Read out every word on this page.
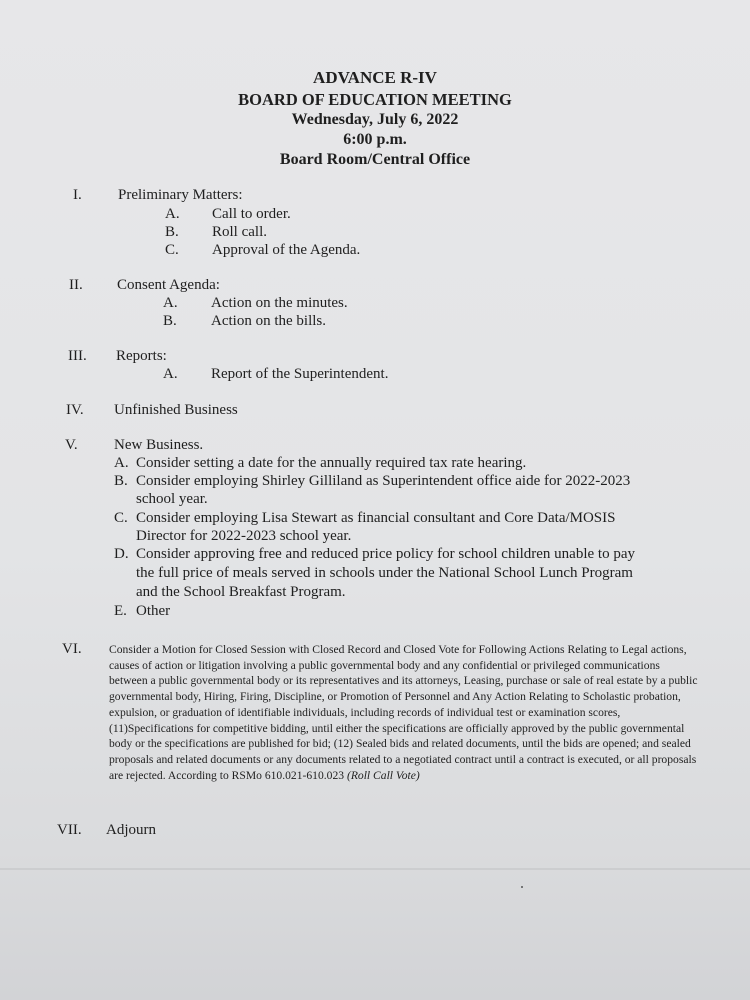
ADVANCE R-IV
BOARD OF EDUCATION MEETING
Wednesday, July 6, 2022
6:00 p.m.
Board Room/Central Office
I. Preliminary Matters:
A. Call to order.
B. Roll call.
C. Approval of the Agenda.
II. Consent Agenda:
A. Action on the minutes.
B. Action on the bills.
III. Reports:
A. Report of the Superintendent.
IV. Unfinished Business
V. New Business.
A. Consider setting a date for the annually required tax rate hearing.
B. Consider employing Shirley Gilliland as Superintendent office aide for 2022-2023
school year.
C. Consider employing Lisa Stewart as financial consultant and Core Data/MOSIS
Director for 2022-2023 school year.
D. Consider approving free and reduced price policy for school children unable to pay
the full price of meals served in schools under the National School Lunch Program
and the School Breakfast Program.
E. Other
VI. Consider a Motion for Closed Session with Closed Record and Closed Vote for Following Actions Relating to Legal actions, causes of action or litigation involving a public governmental body and any confidential or privileged communications between a public governmental body or its representatives and its attorneys, Leasing, purchase or sale of real estate by a public governmental body, Hiring, Firing, Discipline, or Promotion of Personnel and Any Action Relating to Scholastic probation, expulsion, or graduation of identifiable individuals, including records of individual test or examination scores, (11)Specifications for competitive bidding, until either the specifications are officially approved by the public governmental body or the specifications are published for bid; (12) Sealed bids and related documents, until the bids are opened; and sealed proposals and related documents or any documents related to a negotiated contract until a contract is executed, or all proposals are rejected. According to RSMo 610.021-610.023 (Roll Call Vote)
VII. Adjourn
